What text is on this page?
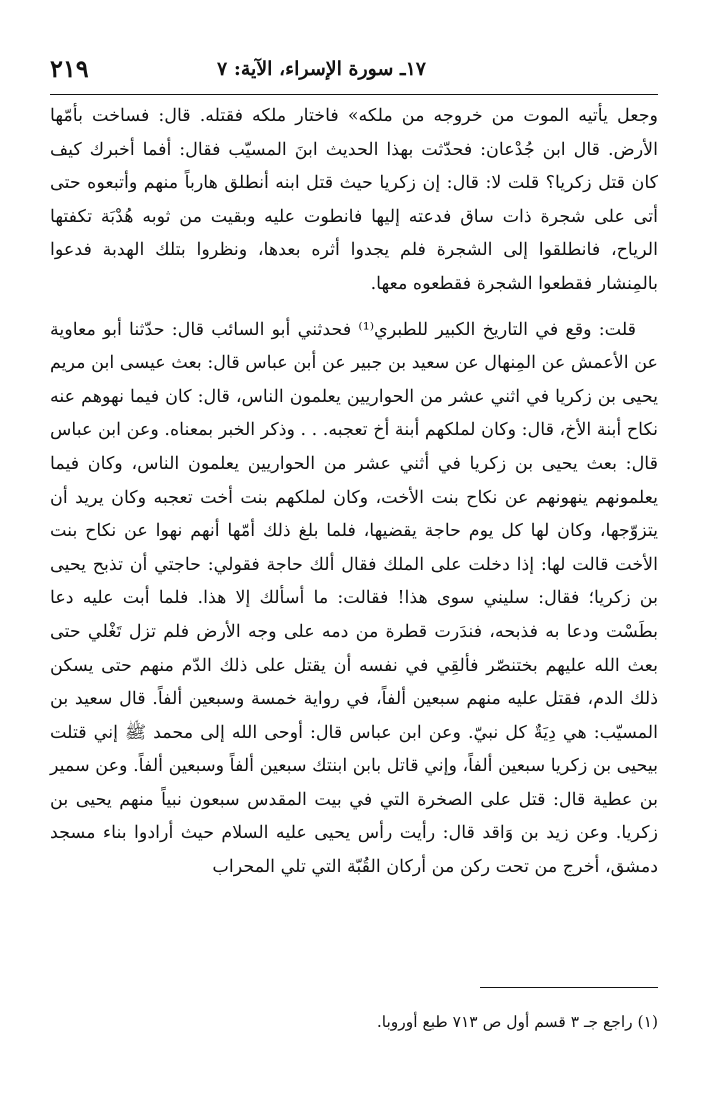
٢١٩	١٧ـ سورة الإسراء، الآية: ٧

وجعل يأتيه الموت من خروجه من ملكه» فاختار ملكه فقتله. قال: فساخت بأمّها الأرض. قال ابن جُدْعان: فحدّثت بهذا الحديث ابنَ المسيّب فقال: أفما أخبرك كيف كان قتل زكريا؟ قلت لا: قال: إن زكريا حيث قتل ابنه أنطلق هارباً منهم وأتبعوه حتى أتى على شجرة ذات ساق فدعته إليها فانطوت عليه وبقيت من ثوبه هُدْبَة تكفتها الرياح، فانطلقوا إلى الشجرة فلم يجدوا أثره بعدها، ونظروا بتلك الهدبة فدعوا بالمِنشار فقطعوا الشجرة فقطعوه معها.

قلت: وقع في التاريخ الكبير للطبري⁽¹⁾ فحدثني أبو السائب قال: حدّثنا أبو معاوية عن الأعمش عن المِنهال عن سعيد بن جبير عن أبن عباس قال: بعث عيسى ابن مريم يحيى بن زكريا في اثني عشر من الحواريين يعلمون الناس، قال: كان فيما نهوهم عنه نكاح أبنة الأخ، قال: وكان لملكهم أبنة أخ تعجبه. . . وذكر الخبر بمعناه. وعن ابن عباس قال: بعث يحيى بن زكريا في أثني عشر من الحواريين يعلمون الناس، وكان فيما يعلمونهم ينهونهم عن نكاح بنت الأخت، وكان لملكهم بنت أخت تعجبه وكان يريد أن يتزوّجها، وكان لها كل يوم حاجة يقضيها، فلما بلغ ذلك أمّها أنهم نهوا عن نكاح بنت الأخت قالت لها: إذا دخلت على الملك فقال ألك حاجة فقولي: حاجتي أن تذبح يحيى بن زكريا؛ فقال: سليني سوى هذا! فقالت: ما أسألك إلا هذا. فلما أبت عليه دعا بطَسْت ودعا به فذبحه، فندَرت قطرة من دمه على وجه الأرض فلم تزل تَغْلي حتى بعث الله عليهم بختنصّر فألقِي في نفسه أن يقتل على ذلك الدّم منهم حتى يسكن ذلك الدم، فقتل عليه منهم سبعين ألفاً، في رواية خمسة وسبعين ألفاً. قال سعيد بن المسيّب: هي دِيَةٌ كل نبيّ. وعن ابن عباس قال: أوحى الله إلى محمد ﷺ إني قتلت بيحيى بن زكريا سبعين ألفاً، وإني قاتل بابن ابنتك سبعين ألفاً وسبعين ألفاً. وعن سمير بن عطية قال: قتل على الصخرة التي في بيت المقدس سبعون نبياً منهم يحيى بن زكريا. وعن زيد بن وَاقد قال: رأيت رأس يحيى عليه السلام حيث أرادوا بناء مسجد دمشق، أخرج من تحت ركن من أركان القُبّة التي تلي المحراب

(١) راجع جـ ٣ قسم أول ص ٧١٣ طبع أوروبا.
